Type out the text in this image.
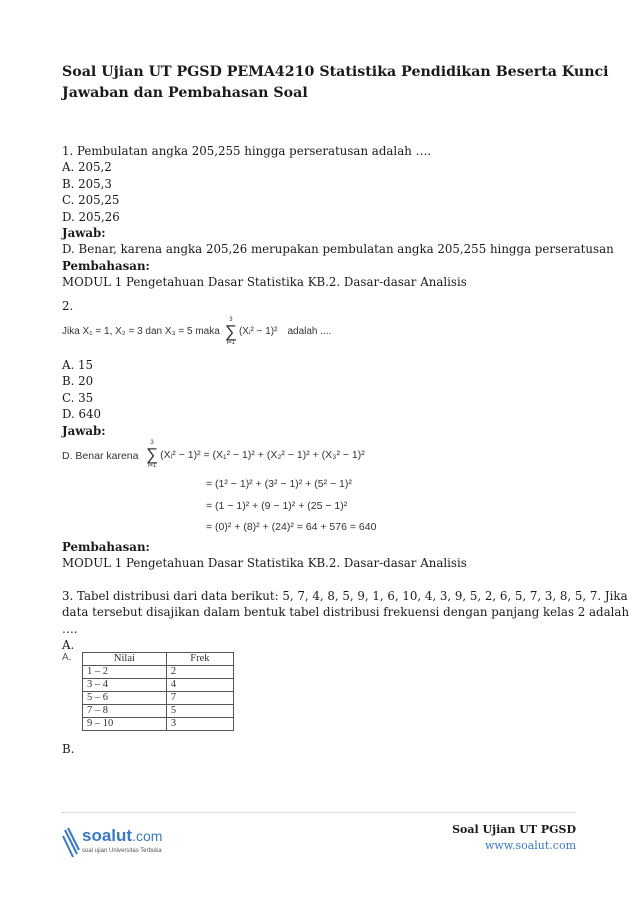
Soal Ujian UT PGSD PEMA4210 Statistika Pendidikan Beserta Kunci
Jawaban dan Pembahasan Soal
1. Pembulatan angka 205,255 hingga perseratusan adalah ….
A. 205,2
B. 205,3
C. 205,25
D. 205,26
Jawab:
D. Benar, karena angka 205,26 merupakan pembulatan angka 205,255 hingga perseratusan
Pembahasan:
MODUL 1 Pengetahuan Dasar Statistika KB.2. Dasar-dasar Analisis
2.
Jika X₁ = 1, X₂ = 3 dan X₃ = 5 maka
3
∑
i=1
(Xᵢ² − 1)² adalah ....
A. 15
B. 20
C. 35
D. 640
Jawab:
D. Benar karena
3
∑
i=1
(Xᵢ² − 1)² = (X₁² − 1)² + (X₂² − 1)² + (X₃² − 1)²
= (1² − 1)² + (3² − 1)² + (5² − 1)²
= (1 − 1)² + (9 − 1)² + (25 − 1)²
= (0)² + (8)² + (24)² = 64 + 576 = 640
Pembahasan:
MODUL 1 Pengetahuan Dasar Statistika KB.2. Dasar-dasar Analisis
3. Tabel distribusi dari data berikut: 5, 7, 4, 8, 5, 9, 1, 6, 10, 4, 3, 9, 5, 2, 6, 5, 7, 3, 8, 5, 7. Jika
data tersebut disajikan dalam bentuk tabel distribusi frekuensi dengan panjang kelas 2 adalah
….
A.
A.	Nilai	Frek
1 – 2	2
3 – 4	4
5 – 6	7
7 – 8	5
9 – 10	3
B.
soalut.com
soal ujian Universitas Terbuka
Soal Ujian UT PGSD
www.soalut.com
